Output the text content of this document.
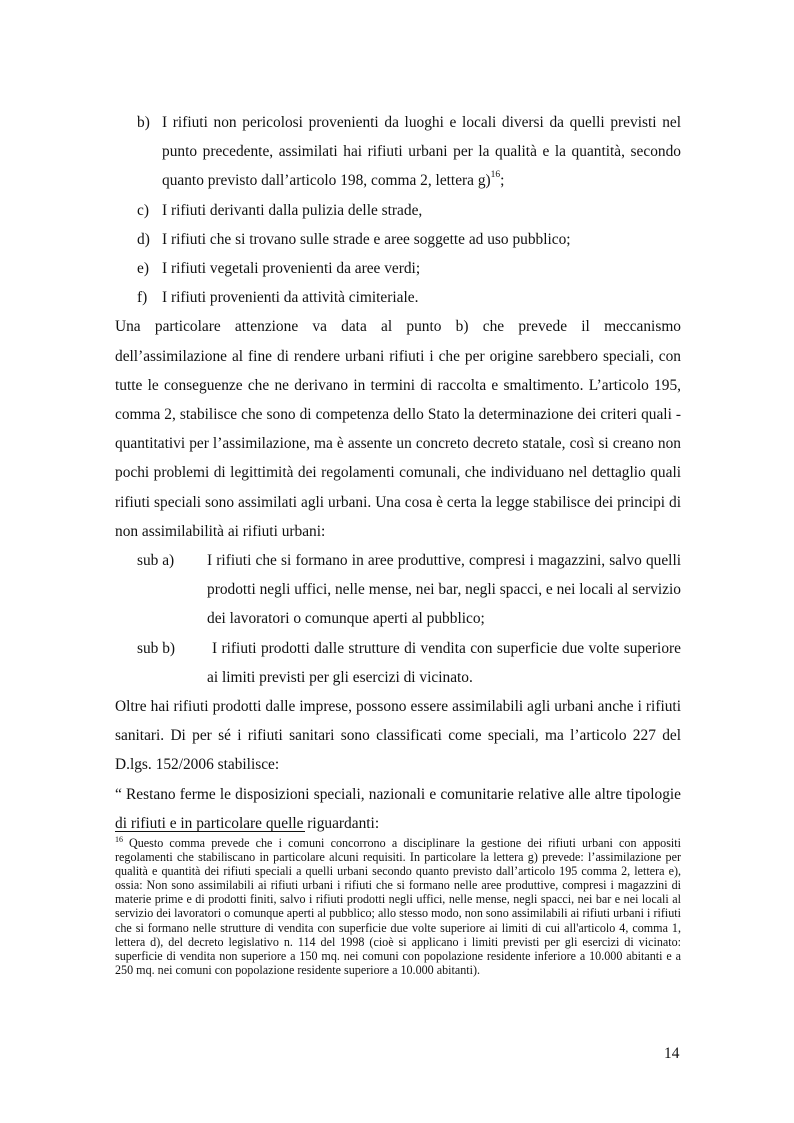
b) I rifiuti non pericolosi provenienti da luoghi e locali diversi da quelli previsti nel punto precedente, assimilati hai rifiuti urbani per la qualità e la quantità, secondo quanto previsto dall’articolo 198, comma 2, lettera g)$^{16}$;
c) I rifiuti derivanti dalla pulizia delle strade,
d) I rifiuti che si trovano sulle strade e aree soggette ad uso pubblico;
e) I rifiuti vegetali provenienti da aree verdi;
f) I rifiuti provenienti da attività cimiteriale.

Una particolare attenzione va data al punto b) che prevede il meccanismo dell’assimilazione al fine di rendere urbani rifiuti i che per origine sarebbero speciali, con tutte le conseguenze che ne derivano in termini di raccolta e smaltimento. L’articolo 195, comma 2, stabilisce che sono di competenza dello Stato la determinazione dei criteri quali - quantitativi per l’assimilazione, ma è assente un concreto decreto statale, così si creano non pochi problemi di legittimità dei regolamenti comunali, che individuano nel dettaglio quali rifiuti speciali sono assimilati agli urbani. Una cosa è certa la legge stabilisce dei principi di non assimilabilità ai rifiuti urbani:

sub a) I rifiuti che si formano in aree produttive, compresi i magazzini, salvo quelli prodotti negli uffici, nelle mense, nei bar, negli spacci, e nei locali al servizio dei lavoratori o comunque aperti al pubblico;
sub b) I rifiuti prodotti dalle strutture di vendita con superficie due volte superiore ai limiti previsti per gli esercizi di vicinato.

Oltre hai rifiuti prodotti dalle imprese, possono essere assimilabili agli urbani anche i rifiuti sanitari. Di per sé i rifiuti sanitari sono classificati come speciali, ma l’articolo 227 del D.lgs. 152/2006 stabilisce:

“ Restano ferme le disposizioni speciali, nazionali e comunitarie relative alle altre tipologie di rifiuti e in particolare quelle riguardanti:

$^{16}$ Questo comma prevede che i comuni concorrono a disciplinare la gestione dei rifiuti urbani con appositi regolamenti che stabiliscano in particolare alcuni requisiti. In particolare la lettera g) prevede: l’assimilazione per qualità e quantità dei rifiuti speciali a quelli urbani secondo quanto previsto dall’articolo 195 comma 2, lettera e), ossia: Non sono assimilabili ai rifiuti urbani i rifiuti che si formano nelle aree produttive, compresi i magazzini di materie prime e di prodotti finiti, salvo i rifiuti prodotti negli uffici, nelle mense, negli spacci, nei bar e nei locali al servizio dei lavoratori o comunque aperti al pubblico; allo stesso modo, non sono assimilabili ai rifiuti urbani i rifiuti che si formano nelle strutture di vendita con superficie due volte superiore ai limiti di cui all'articolo 4, comma 1, lettera d), del decreto legislativo n. 114 del 1998 (cioè si applicano i limiti previsti per gli esercizi di vicinato: superficie di vendita non superiore a 150 mq. nei comuni con popolazione residente inferiore a 10.000 abitanti e a 250 mq. nei comuni con popolazione residente superiore a 10.000 abitanti).
14
